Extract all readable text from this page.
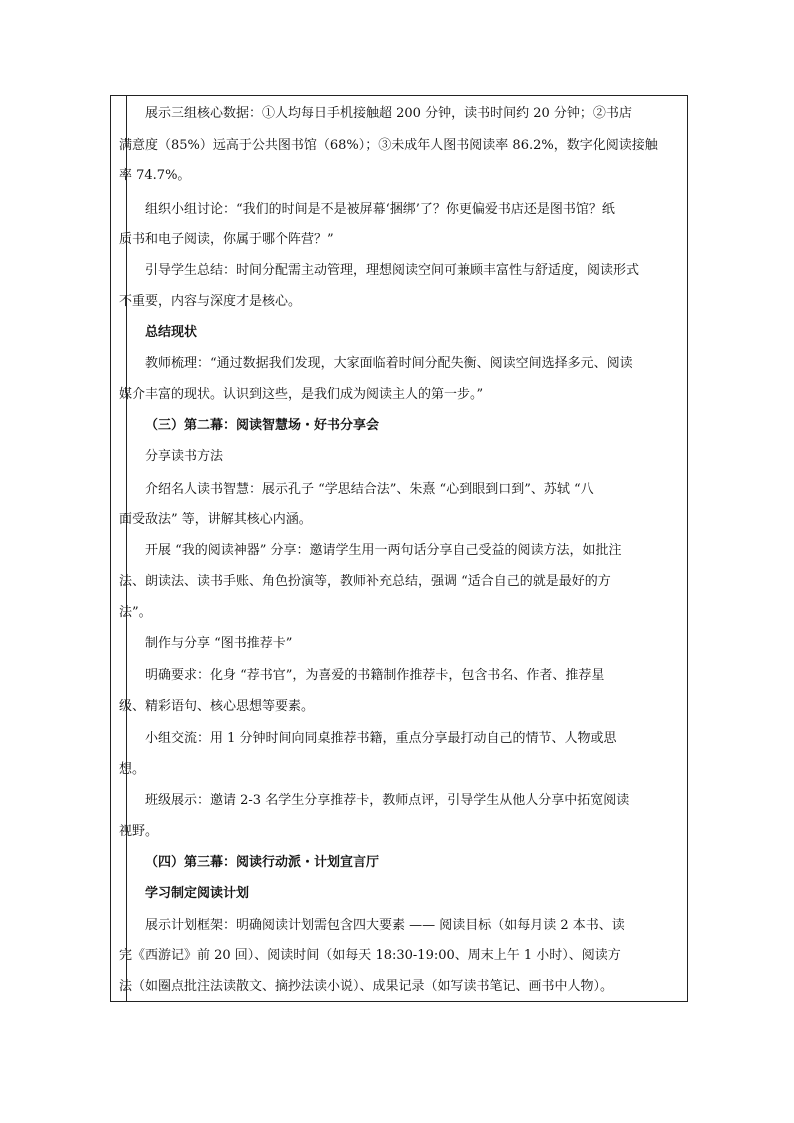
展示三组核心数据：①人均每日手机接触超 200 分钟，读书时间约 20 分钟；②书店
满意度（85%）远高于公共图书馆（68%）；③未成年人图书阅读率 86.2%，数字化阅读接触
率 74.7%。
组织小组讨论：“我们的时间是不是被屏幕‘捆绑’了？你更偏爱书店还是图书馆？纸
质书和电子阅读，你属于哪个阵营？”
引导学生总结：时间分配需主动管理，理想阅读空间可兼顾丰富性与舒适度，阅读形式
不重要，内容与深度才是核心。
总结现状
教师梳理：“通过数据我们发现，大家面临着时间分配失衡、阅读空间选择多元、阅读
媒介丰富的现状。认识到这些，是我们成为阅读主人的第一步。”
（三）第二幕：阅读智慧场・好书分享会
分享读书方法
介绍名人读书智慧：展示孔子 “学思结合法”、朱熹 “心到眼到口到”、苏轼 “八
面受敌法” 等，讲解其核心内涵。
开展 “我的阅读神器” 分享：邀请学生用一两句话分享自己受益的阅读方法，如批注
法、朗读法、读书手账、角色扮演等，教师补充总结，强调 “适合自己的就是最好的方
法”。
制作与分享 “图书推荐卡”
明确要求：化身 “荐书官”，为喜爱的书籍制作推荐卡，包含书名、作者、推荐星
级、精彩语句、核心思想等要素。
小组交流：用 1 分钟时间向同桌推荐书籍，重点分享最打动自己的情节、人物或思
想。
班级展示：邀请 2-3 名学生分享推荐卡，教师点评，引导学生从他人分享中拓宽阅读
视野。
（四）第三幕：阅读行动派・计划宣言厅
学习制定阅读计划
展示计划框架：明确阅读计划需包含四大要素 —— 阅读目标（如每月读 2 本书、读
完《西游记》前 20 回）、阅读时间（如每天 18:30-19:00、周末上午 1 小时）、阅读方
法（如圈点批注法读散文、摘抄法读小说）、成果记录（如写读书笔记、画书中人物）。
